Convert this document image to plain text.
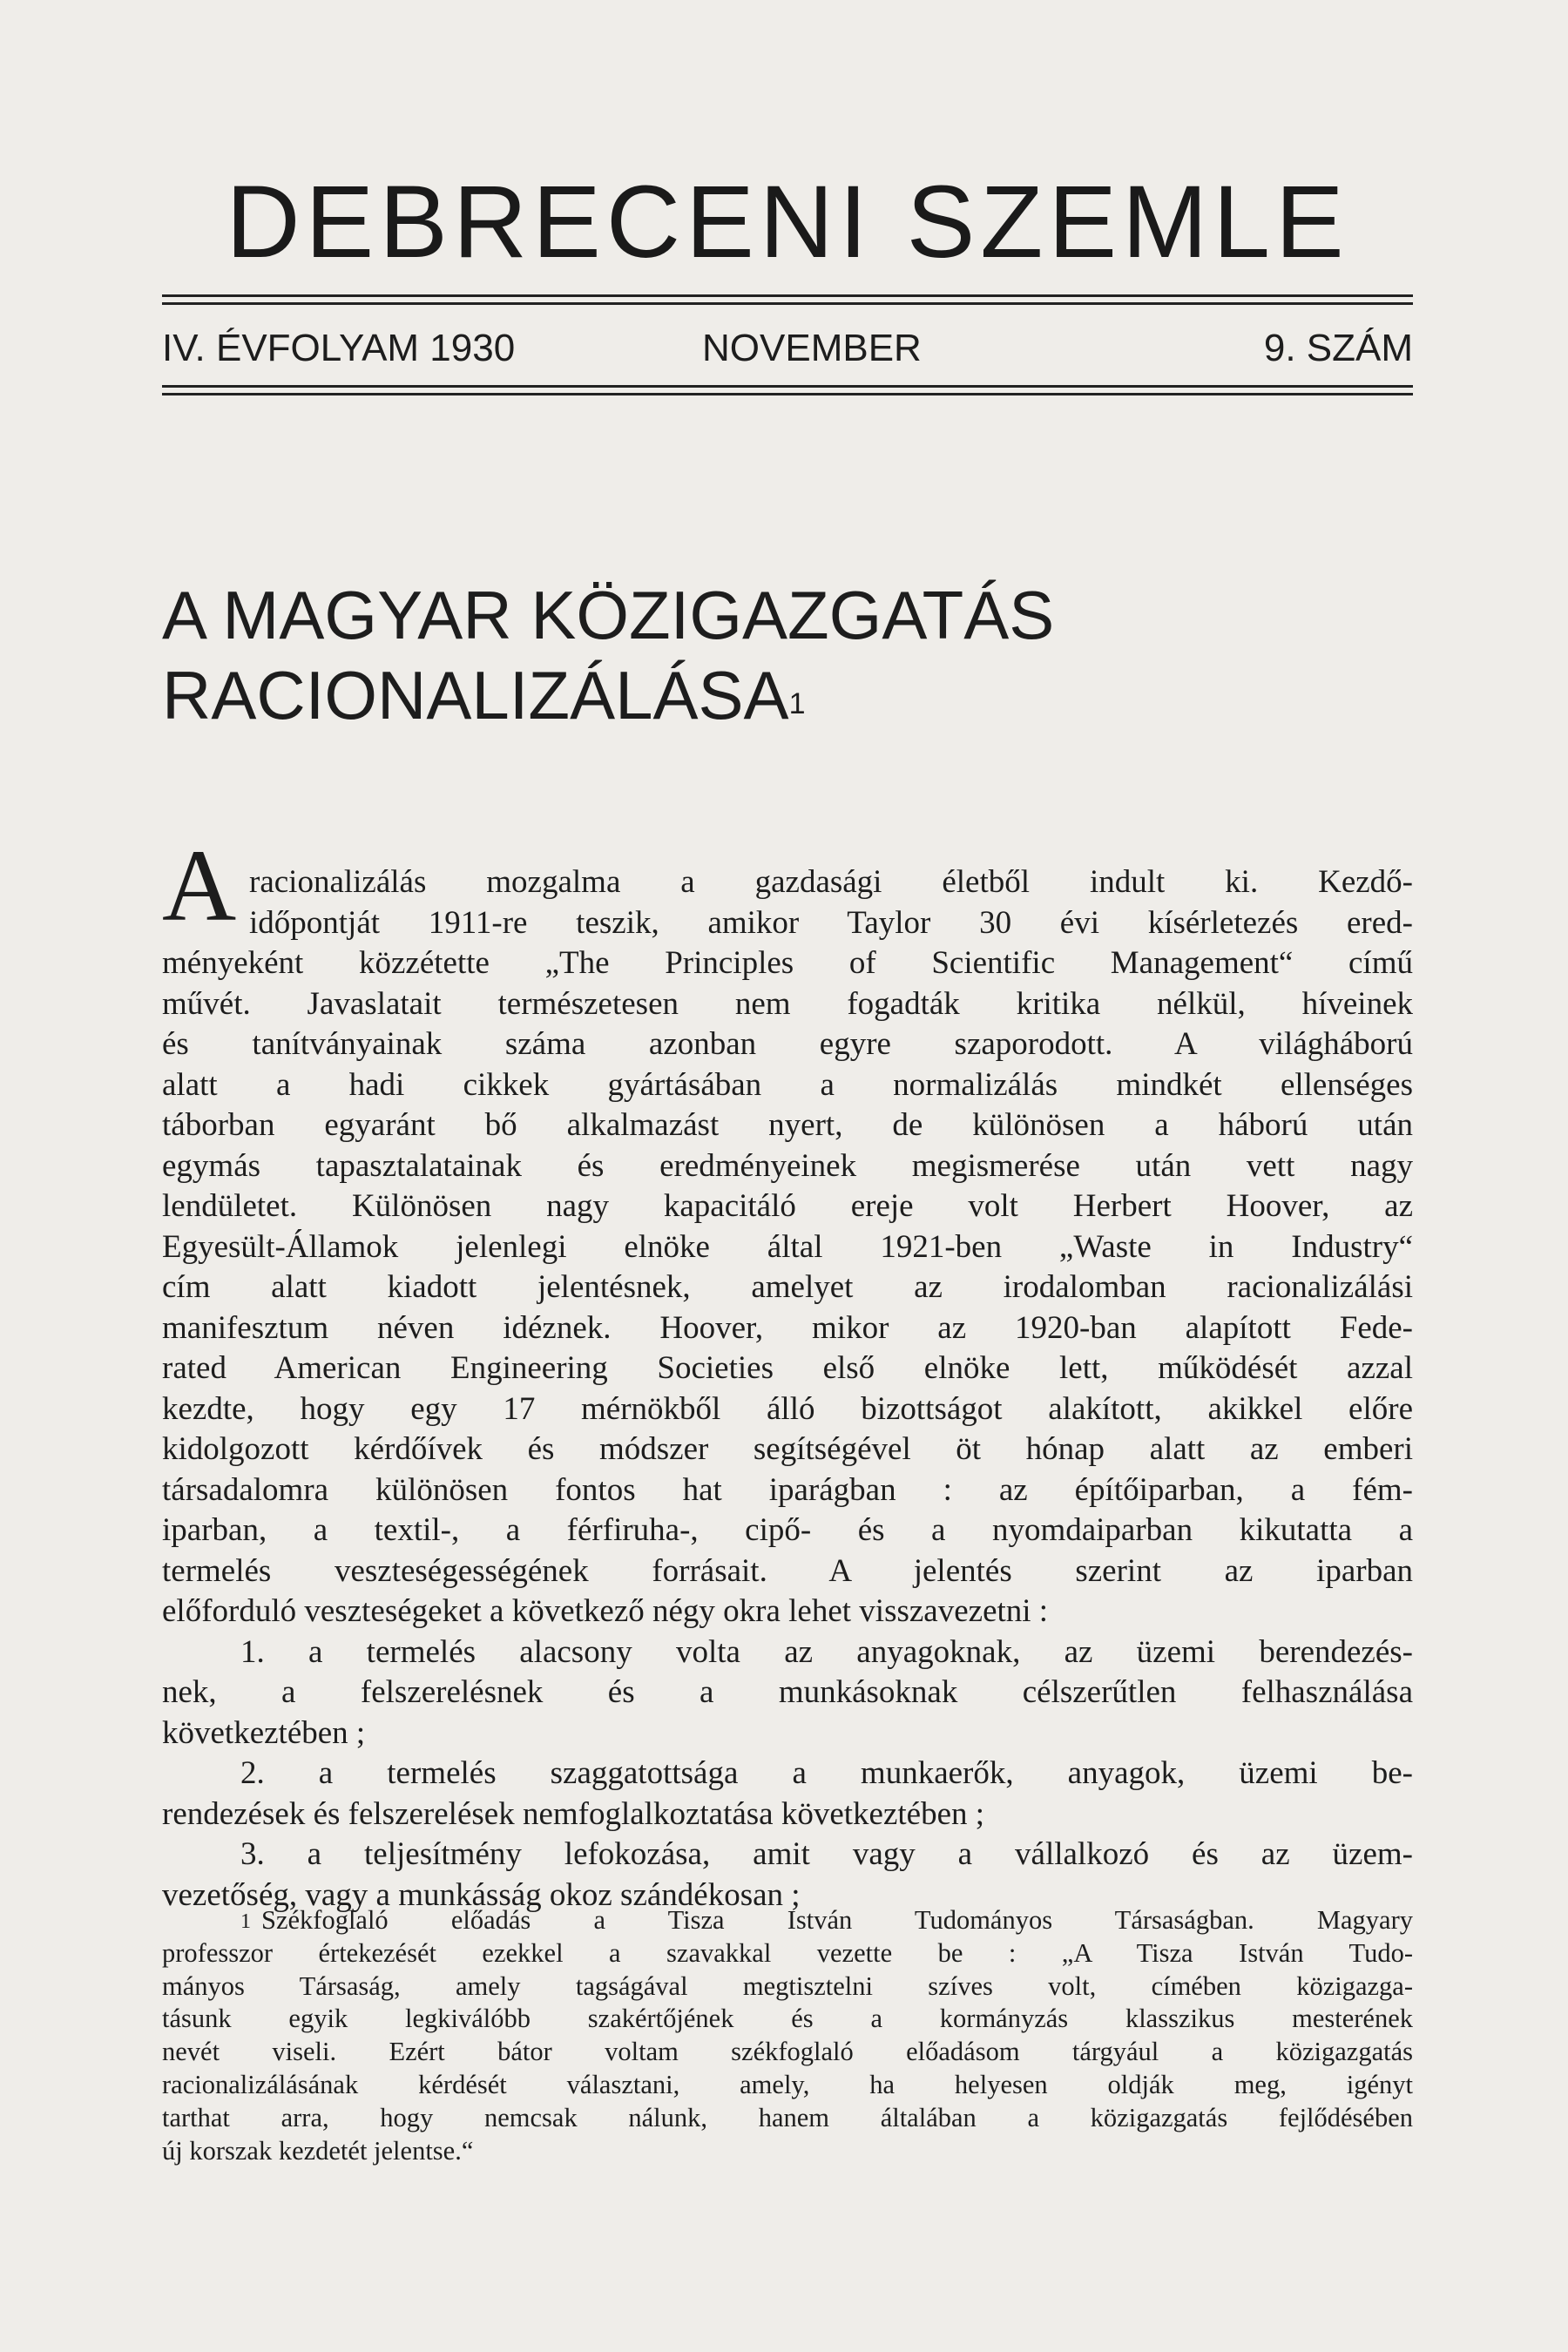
DEBRECENI SZEMLE
IV. ÉVFOLYAM 1930	NOVEMBER	9. SZÁM
A MAGYAR KÖZIGAZGATÁS
RACIONALIZÁLÁSA$^1$
A racionalizálás mozgalma a gazdasági életből indult ki. Kezdő-
időpontját 1911-re teszik, amikor Taylor 30 évi kísérletezés ered-
ményeként közzétette „The Principles of Scientific Management“ című
művét. Javaslatait természetesen nem fogadták kritika nélkül, híveinek
és tanítványainak száma azonban egyre szaporodott. A világháború
alatt a hadi cikkek gyártásában a normalizálás mindkét ellenséges
táborban egyaránt bő alkalmazást nyert, de különösen a háború után
egymás tapasztalatainak és eredményeinek megismerése után vett nagy
lendületet. Különösen nagy kapacitáló ereje volt Herbert Hoover, az
Egyesült-Államok jelenlegi elnöke által 1921-ben „Waste in Industry“
cím alatt kiadott jelentésnek, amelyet az irodalomban racionalizálási
manifesztum néven idéznek. Hoover, mikor az 1920-ban alapított Fede-
rated American Engineering Societies első elnöke lett, működését azzal
kezdte, hogy egy 17 mérnökből álló bizottságot alakított, akikkel előre
kidolgozott kérdőívek és módszer segítségével öt hónap alatt az emberi
társadalomra különösen fontos hat iparágban : az építőiparban, a fém-
iparban, a textil-, a férfiruha-, cipő- és a nyomdaiparban kikutatta a
termelés veszteségességének forrásait. A jelentés szerint az iparban
előforduló veszteségeket a következő négy okra lehet visszavezetni :
1. a termelés alacsony volta az anyagoknak, az üzemi berendezés-
nek, a felszerelésnek és a munkásoknak célszerűtlen felhasználása
következtében ;
2. a termelés szaggatottsága a munkaerők, anyagok, üzemi be-
rendezések és felszerelések nemfoglalkoztatása következtében ;
3. a teljesítmény lefokozása, amit vagy a vállalkozó és az üzem-
vezetőség, vagy a munkásság okoz szándékosan ;
$^1$ Székfoglaló előadás a Tisza István Tudományos Társaságban. Magyary
professzor értekezését ezekkel a szavakkal vezette be : „A Tisza István Tudo-
mányos Társaság, amely tagságával megtisztelni szíves volt, címében közigazga-
tásunk egyik legkiválóbb szakértőjének és a kormányzás klasszikus mesterének
nevét viseli. Ezért bátor voltam székfoglaló előadásom tárgyául a közigazgatás
racionalizálásának kérdését választani, amely, ha helyesen oldják meg, igényt
tarthat arra, hogy nemcsak nálunk, hanem általában a közigazgatás fejlődésében
új korszak kezdetét jelentse.“
